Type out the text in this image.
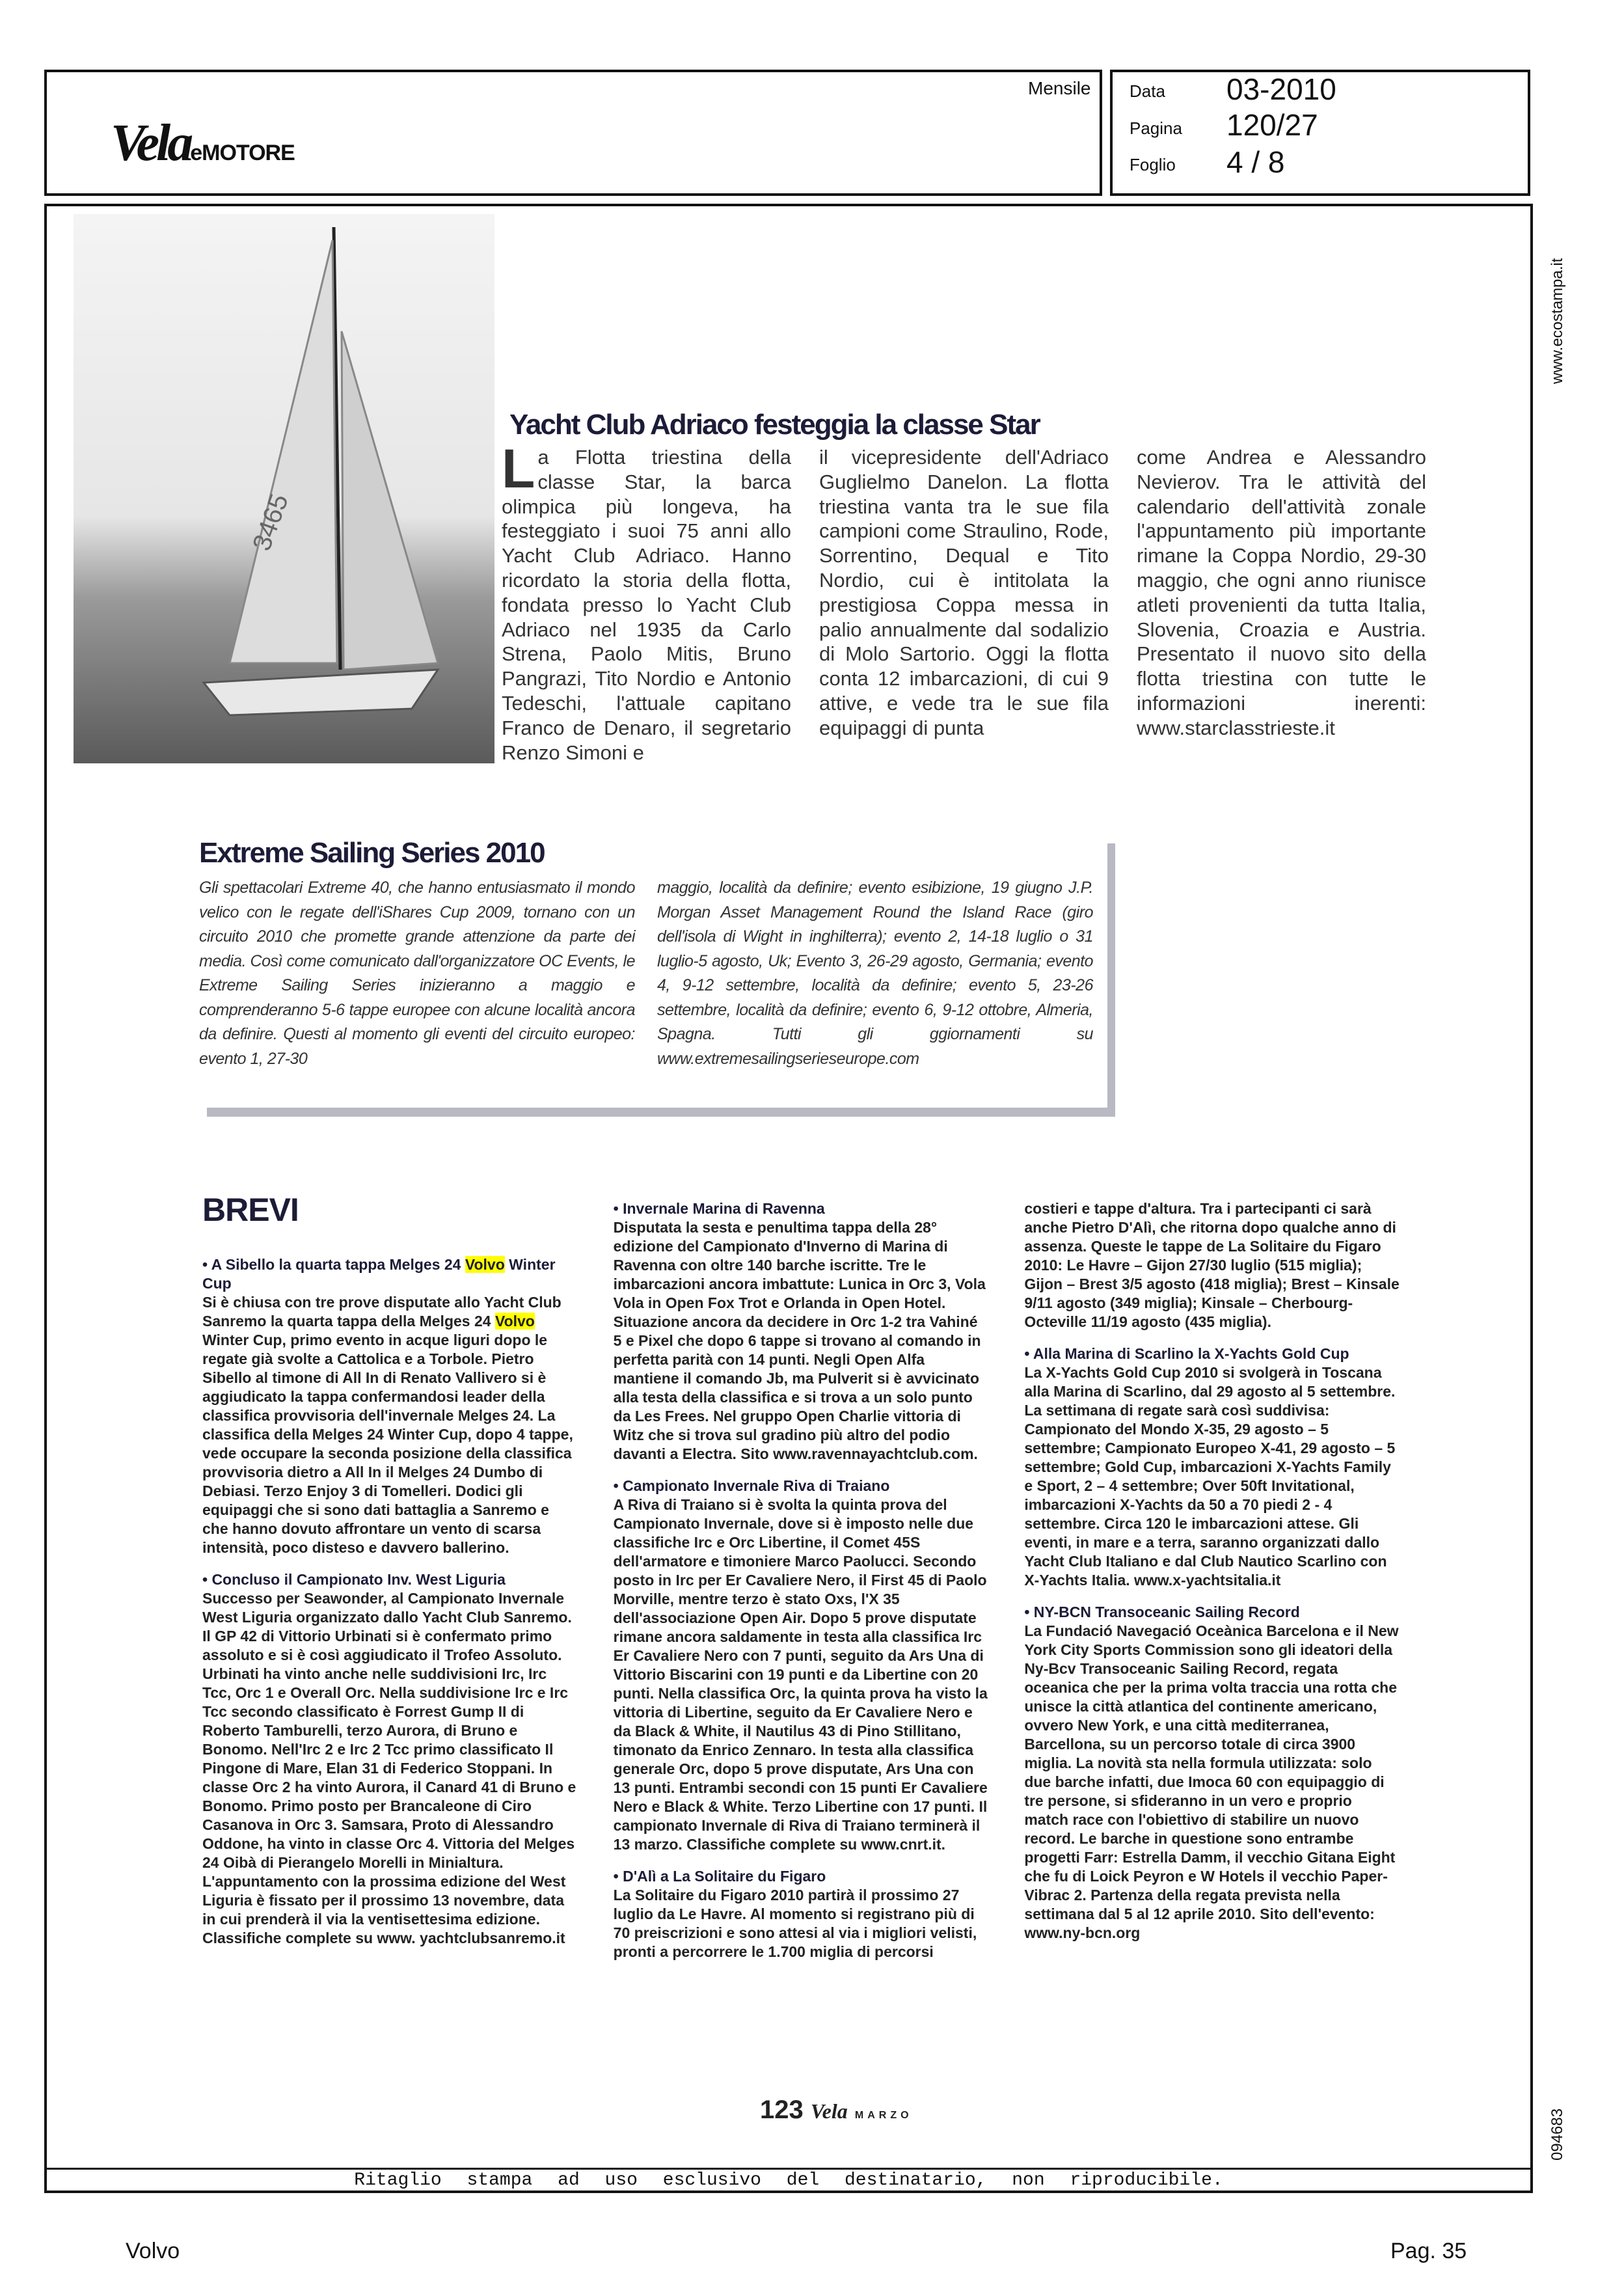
VelaeMOTORE
Mensile Data 03-2010
Pagina 120/27
Foglio 4 / 8
www.ecostampa.it
094683
3465
Yacht Club Adriaco festeggia la classe Star
La Flotta triestina della classe Star, la barca olimpica più longeva, ha festeggiato i suoi 75 anni allo Yacht Club Adriaco. Hanno ricordato la storia della flotta, fondata presso lo Yacht Club Adriaco nel 1935 da Carlo Strena, Paolo Mitis, Bruno Pangrazi, Tito Nordio e Antonio Tedeschi, l'attuale capitano Franco de Denaro, il segretario Renzo Simoni e
il vicepresidente dell'Adriaco Guglielmo Danelon. La flotta triestina vanta tra le sue fila campioni come Straulino, Rode, Sorrentino, Dequal e Tito Nordio, cui è intitolata la prestigiosa Coppa messa in palio annualmente dal sodalizio di Molo Sartorio. Oggi la flotta conta 12 imbarcazioni, di cui 9 attive, e vede tra le sue fila equipaggi di punta
come Andrea e Alessandro Nevierov. Tra le attività del calendario dell'attività zonale l'appuntamento più importante rimane la Coppa Nordio, 29-30 maggio, che ogni anno riunisce atleti provenienti da tutta Italia, Slovenia, Croazia e Austria. Presentato il nuovo sito della flotta triestina con tutte le informazioni inerenti: www.starclasstrieste.it
Extreme Sailing Series 2010
Gli spettacolari Extreme 40, che hanno entusiasmato il mondo velico con le regate dell'iShares Cup 2009, tornano con un circuito 2010 che promette grande attenzione da parte dei media. Così come comunicato dall'organizzatore OC Events, le Extreme Sailing Series inizieranno a maggio e comprenderanno 5-6 tappe europee con alcune località ancora da definire. Questi al momento gli eventi del circuito europeo: evento 1, 27-30
maggio, località da definire; evento esibizione, 19 giugno J.P. Morgan Asset Management Round the Island Race (giro dell'isola di Wight in inghilterra); evento 2, 14-18 luglio o 31 luglio-5 agosto, Uk; Evento 3, 26-29 agosto, Germania; evento 4, 9-12 settembre, località da definire; evento 5, 23-26 settembre, località da definire; evento 6, 9-12 ottobre, Almeria, Spagna. Tutti gli ggiornamenti su www.extremesailingserieseurope.com
BREVI
• A Sibello la quarta tappa Melges 24 Volvo Winter Cup

Si è chiusa con tre prove disputate allo Yacht Club Sanremo la quarta tappa della Melges 24 Volvo Winter Cup, primo evento in acque liguri dopo le regate già svolte a Cattolica e a Torbole. Pietro Sibello al timone di All In di Renato Vallivero si è aggiudicato la tappa confermandosi leader della classifica provvisoria dell'invernale Melges 24. La classifica della Melges 24 Winter Cup, dopo 4 tappe, vede occupare la seconda posizione della classifica provvisoria dietro a All In il Melges 24 Dumbo di Debiasi. Terzo Enjoy 3 di Tomelleri. Dodici gli equipaggi che si sono dati battaglia a Sanremo e che hanno dovuto affrontare un vento di scarsa intensità, poco disteso e davvero ballerino.

• Concluso il Campionato Inv. West Liguria

Successo per Seawonder, al Campionato Invernale West Liguria organizzato dallo Yacht Club Sanremo. Il GP 42 di Vittorio Urbinati si è confermato primo assoluto e si è così aggiudicato il Trofeo Assoluto. Urbinati ha vinto anche nelle suddivisioni Irc, Irc Tcc, Orc 1 e Overall Orc. Nella suddivisione Irc e Irc Tcc secondo classificato è Forrest Gump II di Roberto Tamburelli, terzo Aurora, di Bruno e Bonomo. Nell'Irc 2 e Irc 2 Tcc primo classificato Il Pingone di Mare, Elan 31 di Federico Stoppani. In classe Orc 2 ha vinto Aurora, il Canard 41 di Bruno e Bonomo. Primo posto per Brancaleone di Ciro Casanova in Orc 3. Samsara, Proto di Alessandro Oddone, ha vinto in classe Orc 4. Vittoria del Melges 24 Oibà di Pierangelo Morelli in Minialtura. L'appuntamento con la prossima edizione del West Liguria è fissato per il prossimo 13 novembre, data in cui prenderà il via la ventisettesima edizione. Classifiche complete su www. yachtclubsanremo.it

• Invernale Marina di Ravenna

Disputata la sesta e penultima tappa della 28° edizione del Campionato d'Inverno di Marina di Ravenna con oltre 140 barche iscritte. Tre le imbarcazioni ancora imbattute: Lunica in Orc 3, Vola Vola in Open Fox Trot e Orlanda in Open Hotel. Situazione ancora da decidere in Orc 1-2 tra Vahiné 5 e Pixel che dopo 6 tappe si trovano al comando in perfetta parità con 14 punti. Negli Open Alfa mantiene il comando Jb, ma Pulverit si è avvicinato alla testa della classifica e si trova a un solo punto da Les Frees. Nel gruppo Open Charlie vittoria di Witz che si trova sul gradino più altro del podio davanti a Electra. Sito www.ravennayachtclub.com.

• Campionato Invernale Riva di Traiano

A Riva di Traiano si è svolta la quinta prova del Campionato Invernale, dove si è imposto nelle due classifiche Irc e Orc Libertine, il Comet 45S dell'armatore e timoniere Marco Paolucci. Secondo posto in Irc per Er Cavaliere Nero, il First 45 di Paolo Morville, mentre terzo è stato Oxs, l'X 35 dell'associazione Open Air. Dopo 5 prove disputate rimane ancora saldamente in testa alla classifica Irc Er Cavaliere Nero con 7 punti, seguito da Ars Una di Vittorio Biscarini con 19 punti e da Libertine con 20 punti. Nella classifica Orc, la quinta prova ha visto la vittoria di Libertine, seguito da Er Cavaliere Nero e da Black & White, il Nautilus 43 di Pino Stillitano, timonato da Enrico Zennaro. In testa alla classifica generale Orc, dopo 5 prove disputate, Ars Una con 13 punti. Entrambi secondi con 15 punti Er Cavaliere Nero e Black & White. Terzo Libertine con 17 punti. Il campionato Invernale di Riva di Traiano terminerà il 13 marzo. Classifiche complete su www.cnrt.it.

• D'Alì a La Solitaire du Figaro

La Solitaire du Figaro 2010 partirà il prossimo 27 luglio da Le Havre. Al momento si registrano più di 70 preiscrizioni e sono attesi al via i migliori velisti, pronti a percorrere le 1.700 miglia di percorsi costieri e tappe d'altura. Tra i partecipanti ci sarà anche Pietro D'Alì, che ritorna dopo qualche anno di assenza. Queste le tappe de La Solitaire du Figaro 2010: Le Havre – Gijon 27/30 luglio (515 miglia); Gijon – Brest 3/5 agosto (418 miglia); Brest – Kinsale 9/11 agosto (349 miglia); Kinsale – Cherbourg-Octeville 11/19 agosto (435 miglia).

• Alla Marina di Scarlino la X-Yachts Gold Cup

La X-Yachts Gold Cup 2010 si svolgerà in Toscana alla Marina di Scarlino, dal 29 agosto al 5 settembre. La settimana di regate sarà così suddivisa: Campionato del Mondo X-35, 29 agosto – 5 settembre; Campionato Europeo X-41, 29 agosto – 5 settembre; Gold Cup, imbarcazioni X-Yachts Family e Sport, 2 – 4 settembre; Over 50ft Invitational, imbarcazioni X-Yachts da 50 a 70 piedi 2 - 4 settembre. Circa 120 le imbarcazioni attese. Gli eventi, in mare e a terra, saranno organizzati dallo Yacht Club Italiano e dal Club Nautico Scarlino con X-Yachts Italia. www.x-yachtsitalia.it

• NY-BCN Transoceanic Sailing Record

La Fundació Navegació Oceànica Barcelona e il New York City Sports Commission sono gli ideatori della Ny-Bcv Transoceanic Sailing Record, regata oceanica che per la prima volta traccia una rotta che unisce la città atlantica del continente americano, ovvero New York, e una città mediterranea, Barcellona, su un percorso totale di circa 3900 miglia. La novità sta nella formula utilizzata: solo due barche infatti, due Imoca 60 con equipaggio di tre persone, si sfideranno in un vero e proprio match race con l'obiettivo di stabilire un nuovo record. Le barche in questione sono entrambe progetti Farr: Estrella Damm, il vecchio Gitana Eight che fu di Loick Peyron e W Hotels il vecchio Paper-Vibrac 2. Partenza della regata prevista nella settimana dal 5 al 12 aprile 2010. Sito dell'evento: www.ny-bcn.org

123 Vela MARZO
Ritaglio stampa ad uso esclusivo del destinatario, non riproducibile.
Volvo	Pag. 35
